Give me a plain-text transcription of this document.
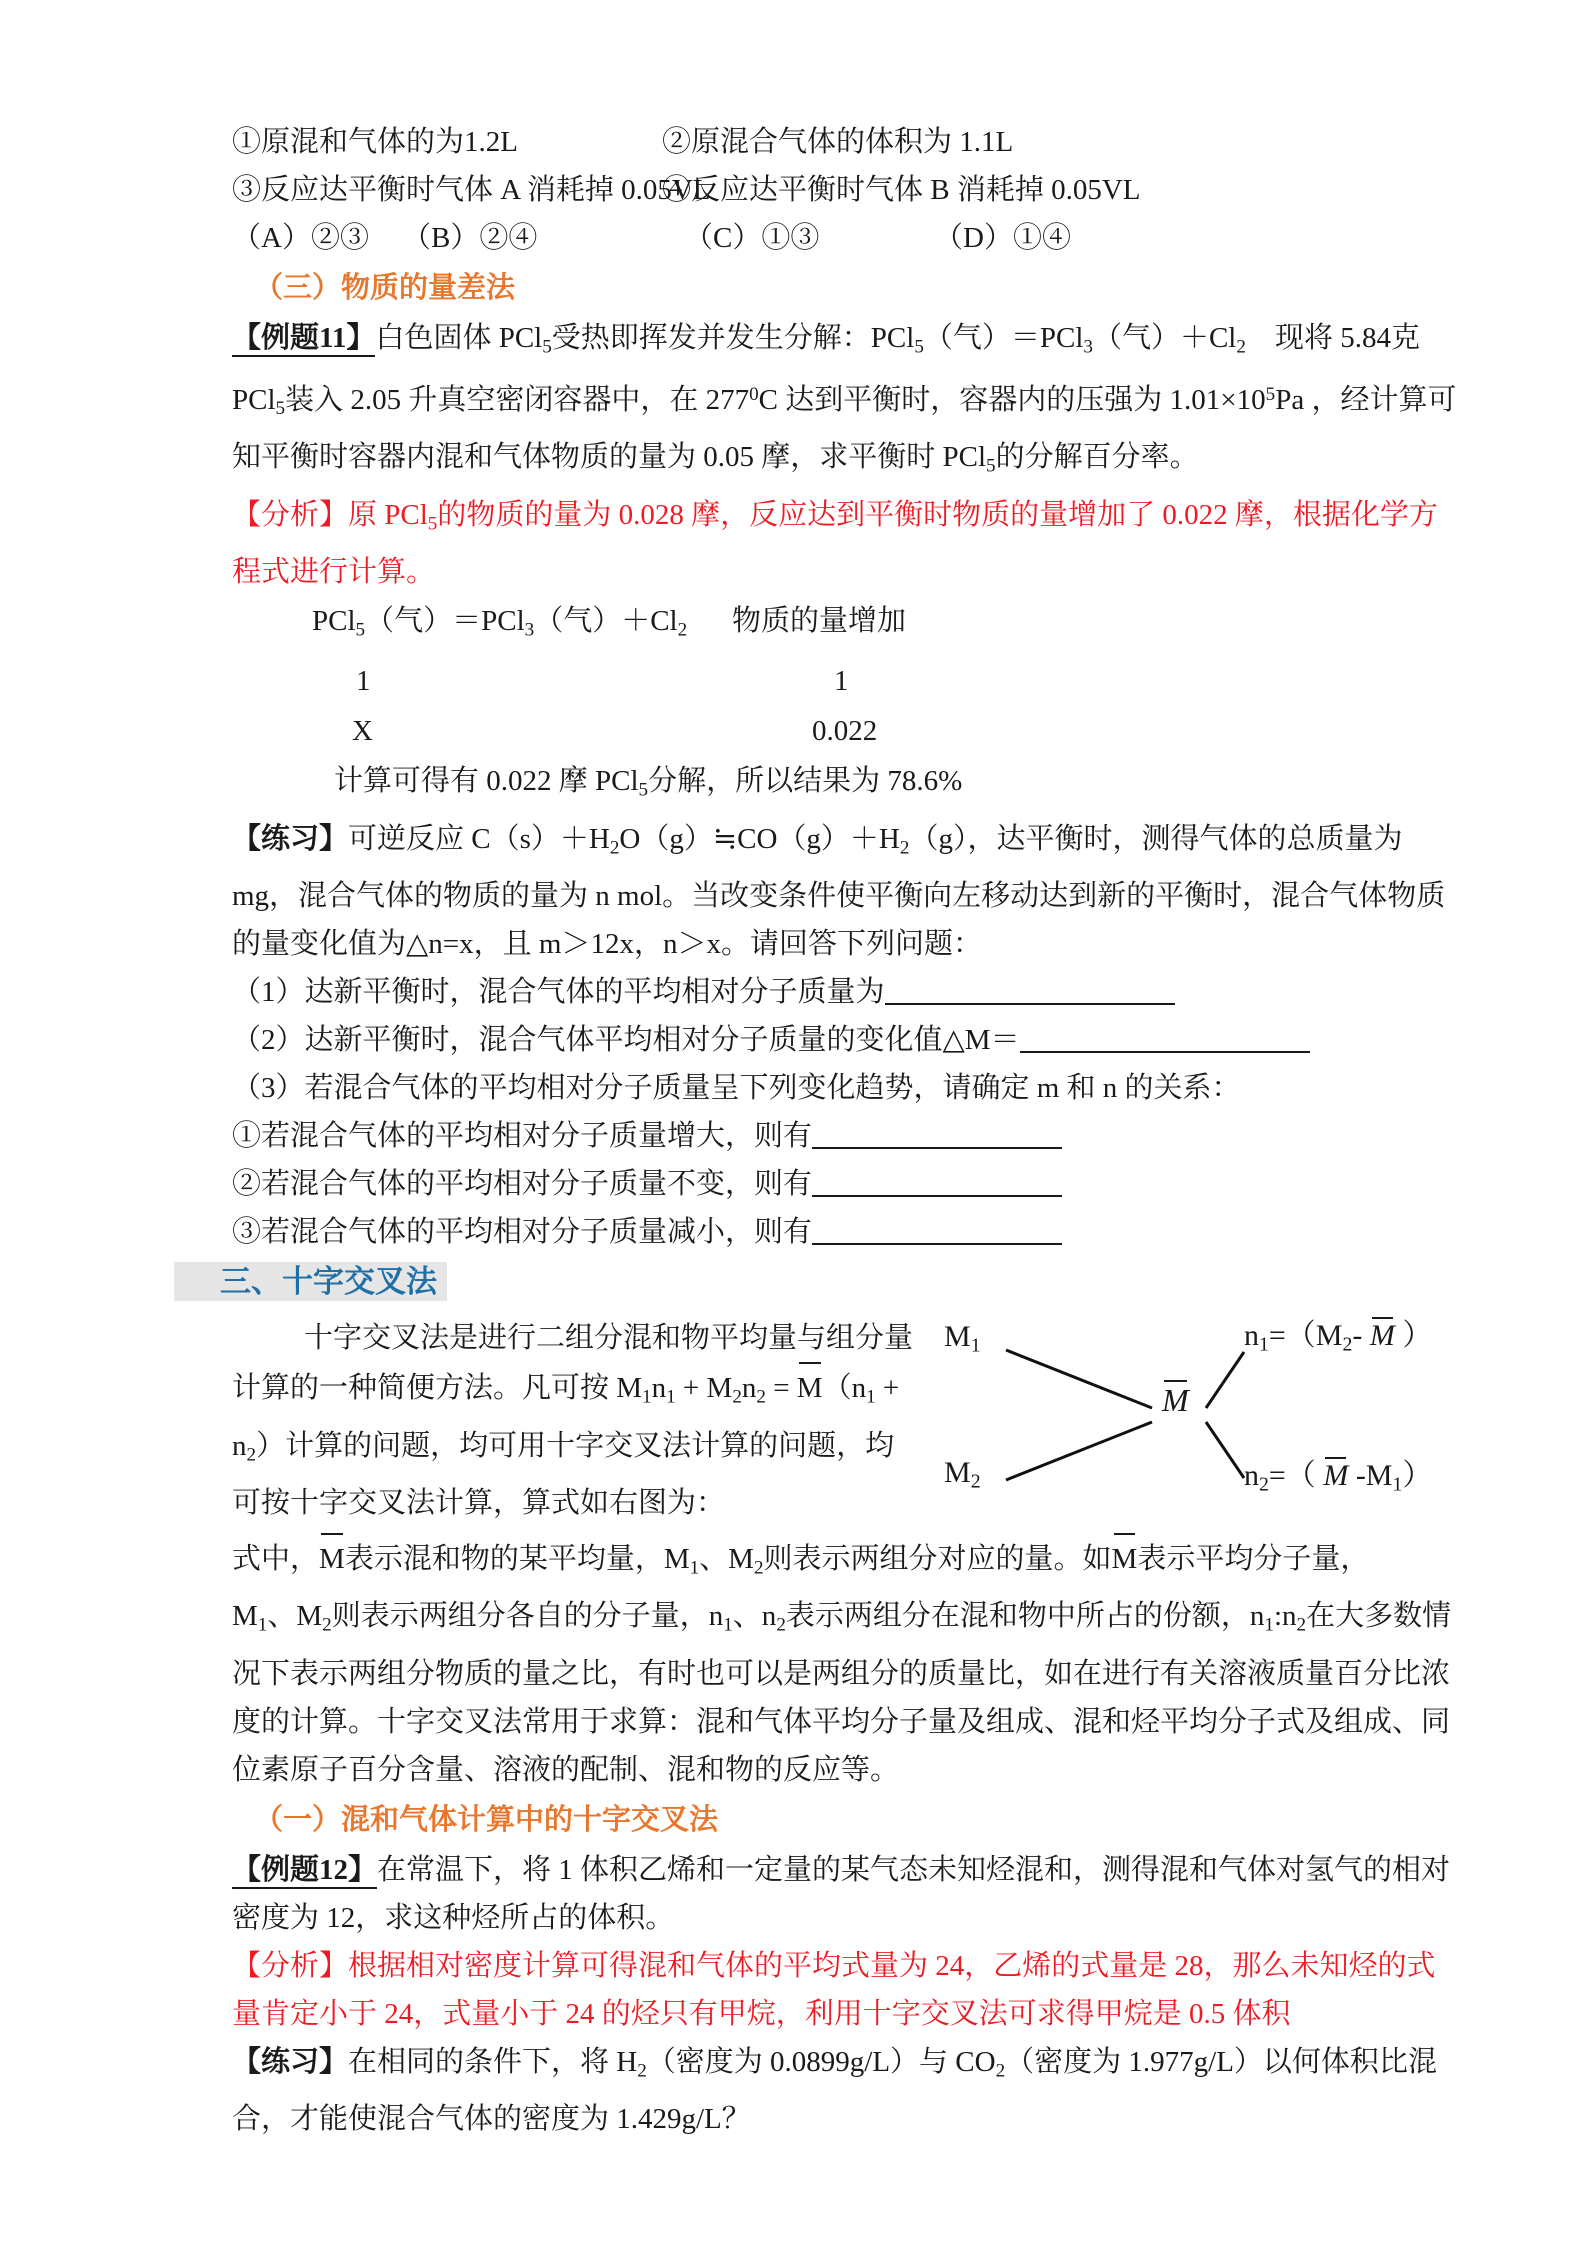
①原混和气体的为1.2L	②原混合气体的体积为 1.1L
③反应达平衡时气体 A 消耗掉 0.05VL
④反应达平衡时气体 B 消耗掉 0.05VL
（A）②③	（B）②④	（C）①③	（D）①④
（三）物质的量差法
【例题11】白色固体 PCl$_5$受热即挥发并发生分解：PCl$_5$（气）＝PCl$_3$（气）$+Cl_2$　现将 5.84克 PCl$_5$装入 2.05 升真空密闭容器中，在 $277^0C$ 达到平衡时，容器内的压强为 $1.01\times 10^5Pa$ ，经计算可知平衡时容器内混和气体物质的量为 0.05 摩，求平衡时 PCl$_5$的分解百分率。
【分析】原 PCl$_5$的物质的量为 0.028 摩，反应达到平衡时物质的量增加了 0.022 摩，根据化学方程式进行计算。
PCl$_5$（气）＝PCl$_3$（气）$+Cl_2$	物质的量增加
1	1
X	0.022
计算可得有 0.022 摩 PCl$_5$分解，所以结果为 78.6%
【练习】可逆反应 $C(s)+H_2O(g)≒CO(g)+H_2(g)$，达平衡时，测得气体的总质量为 mg，混合气体的物质的量为 n mol。当改变条件使平衡向左移动达到新的平衡时，混合气体物质的量变化值为△n=x，且 m＞12x，n＞x。请回答下列问题：
（1）达新平衡时，混合气体的平均相对分子质量为
（2）达新平衡时，混合气体平均相对分子质量的变化值△M＝
（3）若混合气体的平均相对分子质量呈下列变化趋势，请确定 m 和 n 的关系：
①若混合气体的平均相对分子质量增大，则有
②若混合气体的平均相对分子质量不变，则有
③若混合气体的平均相对分子质量减小，则有
三、十字交叉法
十字交叉法是进行二组分混和物平均量与组分量
计算的一种简便方法。凡可按 $M_1n_1 + M_2n_2 = M(n_1$ +
$n_2$）计算的问题，均可用十字交叉法计算的问题，均
可按十字交叉法计算，算式如右图为：
$M_1$
$M_2$
M
$n_1=(M_2-$ M ）
$n_2=$（ M $-M_1$）
式中，M表示混和物的某平均量，$M_1$、$M_2$则表示两组分对应的量。如M表示平均分子量，
$M_1$、$M_2$则表示两组分各自的分子量，$n_1$、$n_2$表示两组分在混和物中所占的份额，$n_1:n_2$在大多数情况下表示两组分物质的量之比，有时也可以是两组分的质量比，如在进行有关溶液质量百分比浓度的计算。十字交叉法常用于求算：混和气体平均分子量及组成、混和烃平均分子式及组成、同位素原子百分含量、溶液的配制、混和物的反应等。
（一）混和气体计算中的十字交叉法
【例题12】在常温下，将 1 体积乙烯和一定量的某气态未知烃混和，测得混和气体对氢气的相对密度为 12，求这种烃所占的体积。
【分析】根据相对密度计算可得混和气体的平均式量为 24，乙烯的式量是 28，那么未知烃的式量肯定小于 24，式量小于 24 的烃只有甲烷，利用十字交叉法可求得甲烷是 0.5 体积
【练习】在相同的条件下，将 $H_2$（密度为 0.0899g/L）与 $CO_2$（密度为 1.977g/L）以何体积比混合，才能使混合气体的密度为 1.429g/L？
